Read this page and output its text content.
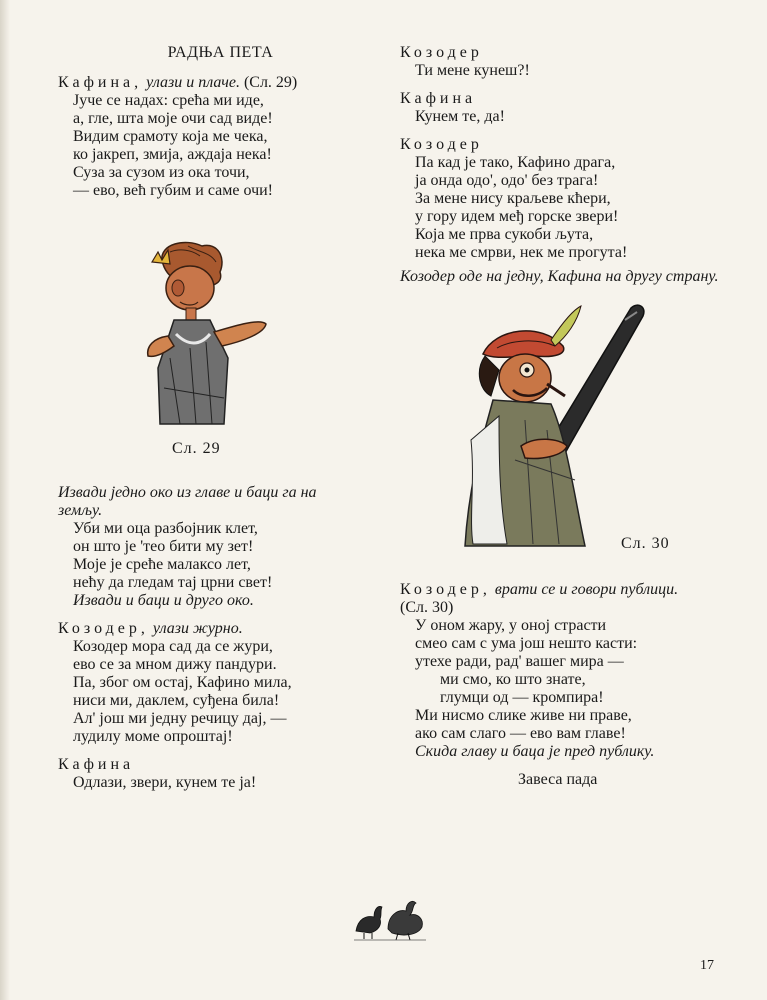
РАДЊА ПЕТА
Кафина, улази и плаче. (Сл. 29)
Јуче се надах: срећа ми иде,
а, гле, шта моје очи сад виде!
Видим срамоту која ме чека,
ко јакреп, змија, аждаја нека!
Суза за сузом из ока точи,
— ево, већ губим и саме очи!
Сл. 29
Извади једно око из главе и баци га на земљу.
Уби ми оца разбојник клет,
он што је 'тео бити му зет!
Моје је среће малаксо лет,
нећу да гледам тај црни свет!
Извади и баци и друго око.
Козодер, улази журно.
Козодер мора сад да се жури,
ево се за мном дижу пандури.
Па, због ом остај, Кафино мила,
ниси ми, даклем, суђена била!
Ал' још ми једну речицу дај, —
лудилу моме опроштај!
Кафина
Одлази, звери, кунем те ја!
Козодер
Ти мене кунеш?!
Кафина
Кунем те, да!
Козодер
Па кад је тако, Кафино драга,
ја онда одо', одо' без трага!
За мене нису краљеве кћери,
у гору идем међ горске звери!
Која ме прва сукоби љута,
нека ме смрви, нек ме прогута!
Козодер оде на једну, Кафина на другу страну.
Сл. 30
Козодер, врати се и говори публици.
(Сл. 30)
У оном жару, у оној страсти
смео сам с ума још нешто касти:
утехе ради, рад' вашег мира —
ми смо, ко што знате,
глумци од — кромпира!
Ми нисмо слике живе ни праве,
ако сам слаго — ево вам главе!
Скида главу и баца је пред публику.
Завеса пада
17
